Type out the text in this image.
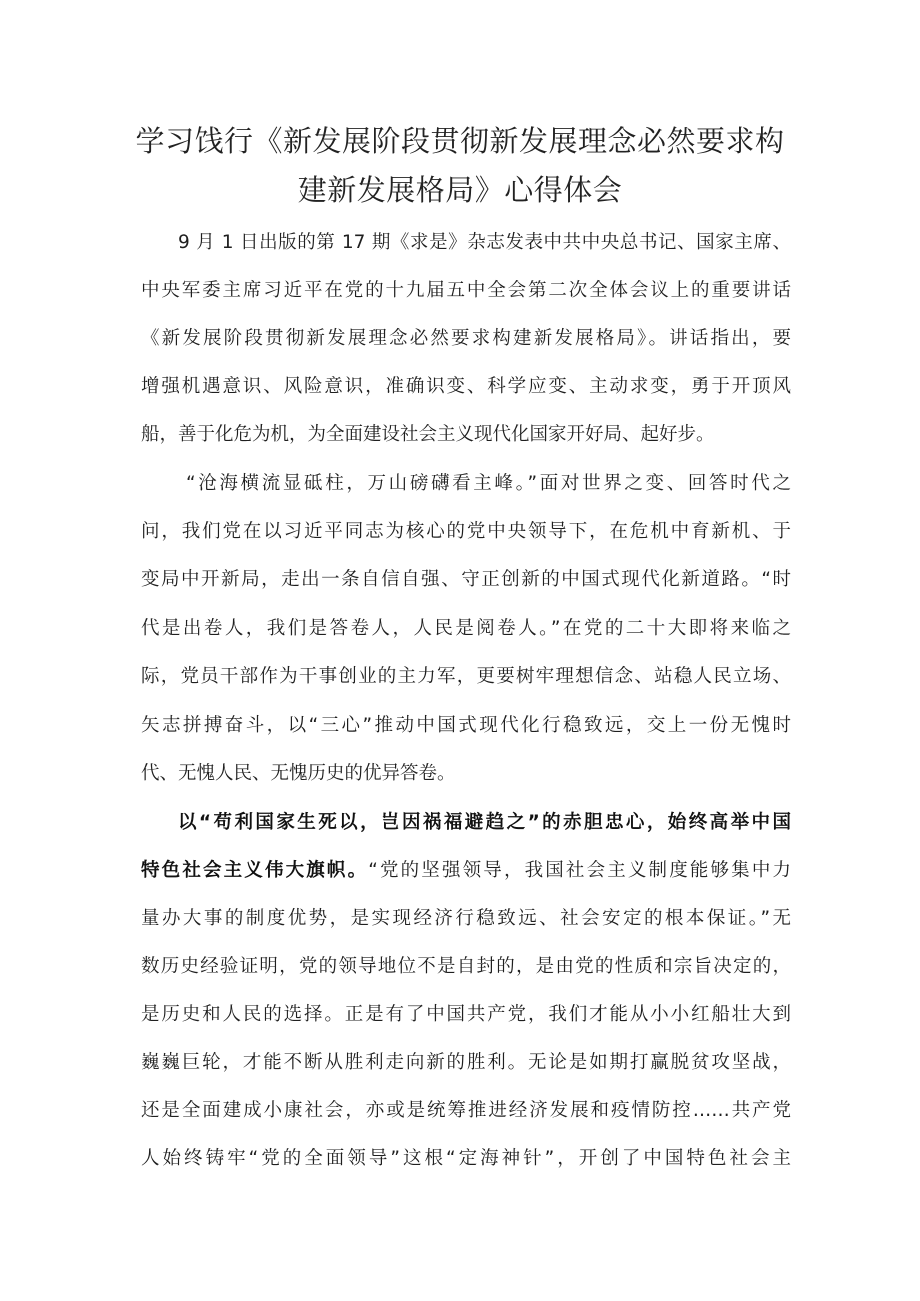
学习饯行《新发展阶段贯彻新发展理念必然要求构
建新发展格局》心得体会
9 月 1 日出版的第 17 期《求是》杂志发表中共中央总书记、国家主席、
中央军委主席习近平在党的十九届五中全会第二次全体会议上的重要讲话
《新发展阶段贯彻新发展理念必然要求构建新发展格局》。讲话指出，要
增强机遇意识、风险意识，准确识变、科学应变、主动求变，勇于开顶风
船，善于化危为机，为全面建设社会主义现代化国家开好局、起好步。
“沧海横流显砥柱，万山磅礴看主峰。”面对世界之变、回答时代之
问，我们党在以习近平同志为核心的党中央领导下，在危机中育新机、于
变局中开新局，走出一条自信自强、守正创新的中国式现代化新道路。“时
代是出卷人，我们是答卷人，人民是阅卷人。”在党的二十大即将来临之
际，党员干部作为干事创业的主力军，更要树牢理想信念、站稳人民立场、
矢志拼搏奋斗，以“三心”推动中国式现代化行稳致远，交上一份无愧时
代、无愧人民、无愧历史的优异答卷。
以“苟利国家生死以，岂因祸福避趋之”的赤胆忠心，始终高举中国
特色社会主义伟大旗帜。“党的坚强领导，我国社会主义制度能够集中力
量办大事的制度优势，是实现经济行稳致远、社会安定的根本保证。”无
数历史经验证明，党的领导地位不是自封的，是由党的性质和宗旨决定的，
是历史和人民的选择。正是有了中国共产党，我们才能从小小红船壮大到
巍巍巨轮，才能不断从胜利走向新的胜利。无论是如期打赢脱贫攻坚战，
还是全面建成小康社会，亦或是统筹推进经济发展和疫情防控……共产党
人始终铸牢“党的全面领导”这根“定海神针”，开创了中国特色社会主
